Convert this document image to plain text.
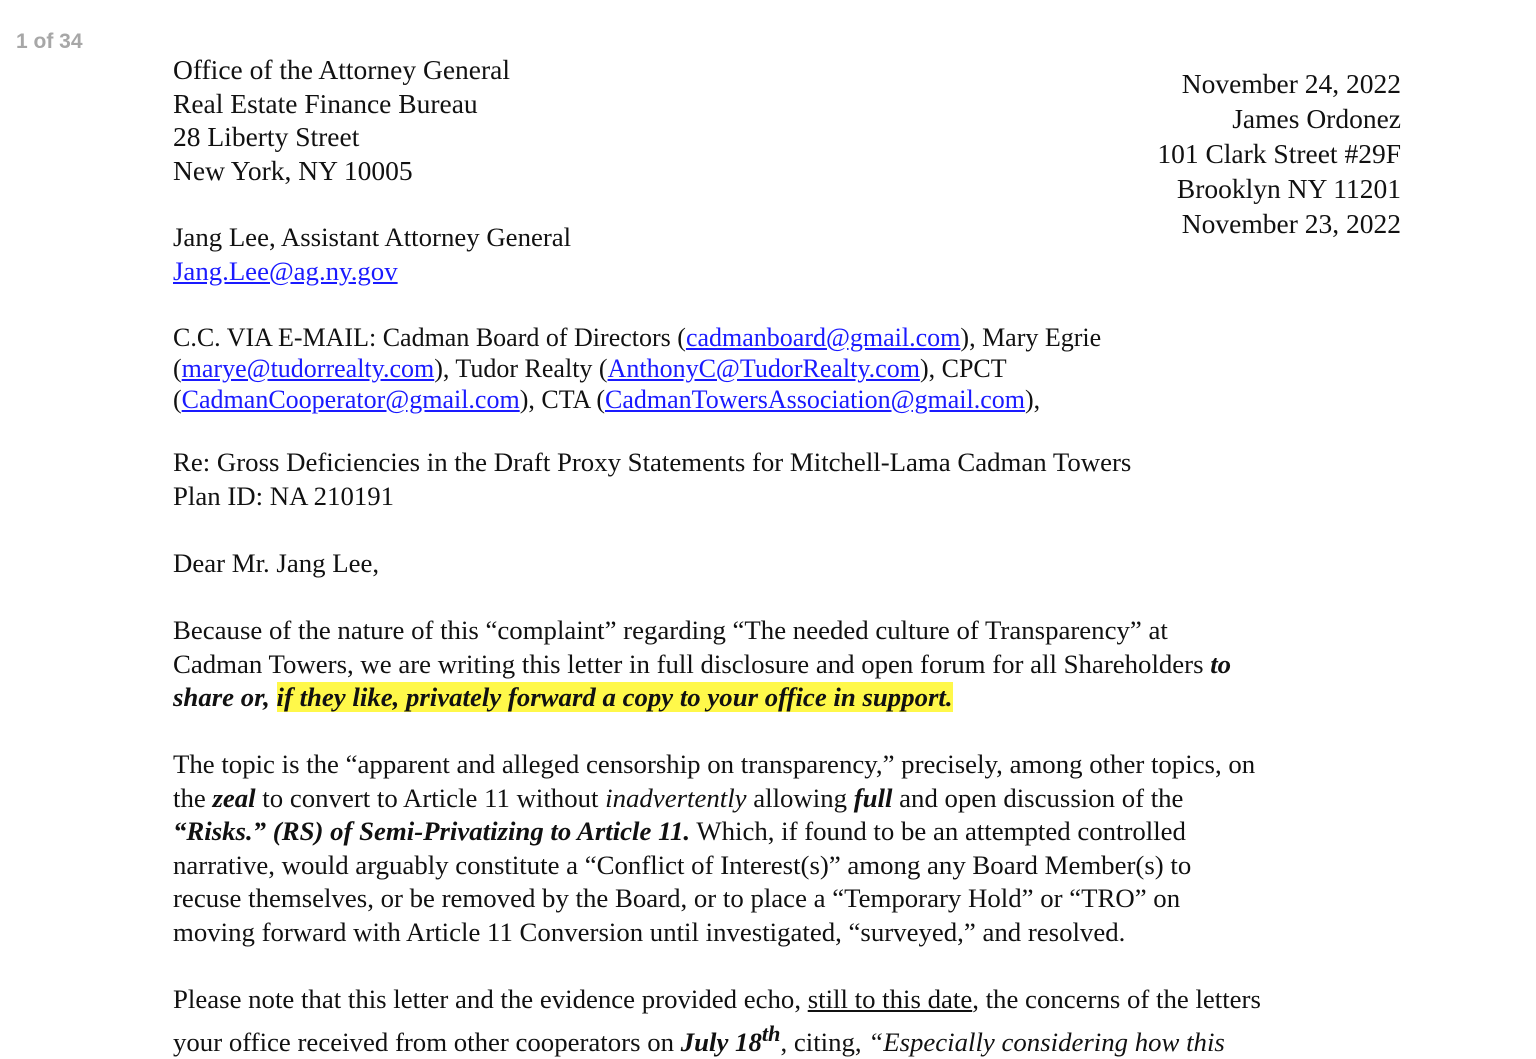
1 of 34
Office of the Attorney General
Real Estate Finance Bureau
28 Liberty Street
New York, NY 10005
November 24, 2022
James Ordonez
101 Clark Street #29F
Brooklyn NY 11201
November 23, 2022
Jang Lee, Assistant Attorney General
Jang.Lee@ag.ny.gov
C.C. VIA E-MAIL: Cadman Board of Directors (cadmanboard@gmail.com), Mary Egrie
(marye@tudorrealty.com), Tudor Realty (AnthonyC@TudorRealty.com), CPCT
(CadmanCooperator@gmail.com), CTA (CadmanTowersAssociation@gmail.com),
Re: Gross Deficiencies in the Draft Proxy Statements for Mitchell-Lama Cadman Towers
Plan ID: NA 210191
Dear Mr. Jang Lee,
Because of the nature of this “complaint” regarding “The needed culture of Transparency” at
Cadman Towers, we are writing this letter in full disclosure and open forum for all Shareholders to
share or, if they like, privately forward a copy to your office in support.
The topic is the “apparent and alleged censorship on transparency,” precisely, among other topics, on
the zeal to convert to Article 11 without inadvertently allowing full and open discussion of the
“Risks.” (RS) of Semi-Privatizing to Article 11. Which, if found to be an attempted controlled
narrative, would arguably constitute a “Conflict of Interest(s)” among any Board Member(s) to
recuse themselves, or be removed by the Board, or to place a “Temporary Hold” or “TRO” on
moving forward with Article 11 Conversion until investigated, “surveyed,” and resolved.
Please note that this letter and the evidence provided echo, still to this date, the concerns of the letters
your office received from other cooperators on July 18th, citing, “Especially considering how this
